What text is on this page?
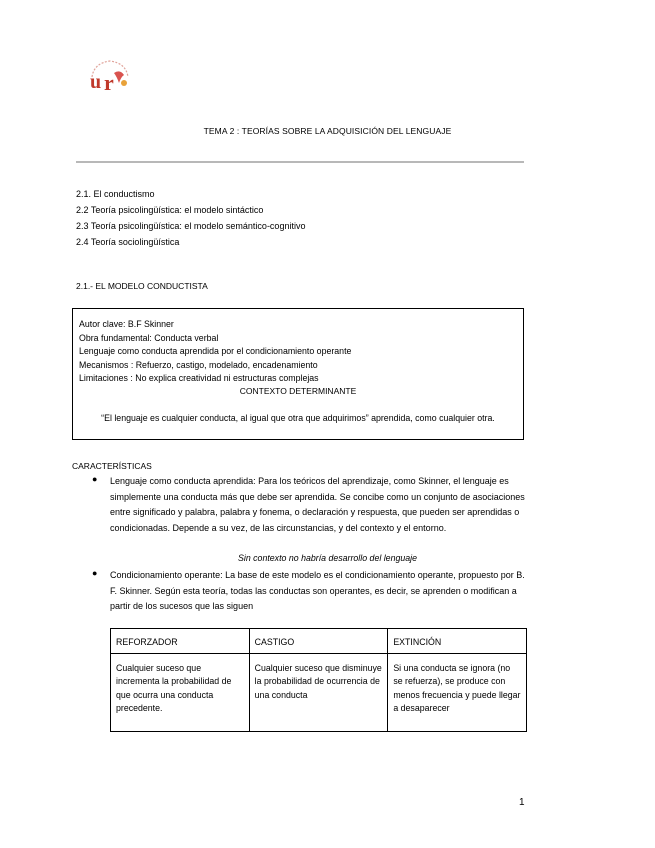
u r
TEMA 2 : TEORÍAS SOBRE LA ADQUISICIÓN DEL LENGUAJE
2.1. El conductismo
2.2 Teoría psicolingüística: el modelo sintáctico
2.3 Teoría psicolingüística: el modelo semántico-cognitivo
2.4 Teoría sociolingüística
2.1.- EL MODELO CONDUCTISTA
Autor clave: B.F Skinner
Obra fundamental: Conducta verbal
Lenguaje como conducta aprendida por el condicionamiento operante
Mecanismos : Refuerzo, castigo, modelado, encadenamiento
Limitaciones : No explica creatividad ni estructuras complejas
CONTEXTO DETERMINANTE
“El lenguaje es cualquier conducta, al igual que otra que adquirimos” aprendida, como cualquier otra.
CARACTERÍSTICAS
● Lenguaje como conducta aprendida: Para los teóricos del aprendizaje, como Skinner, el lenguaje es simplemente una conducta más que debe ser aprendida. Se concibe como un conjunto de asociaciones entre significado y palabra, palabra y fonema, o declaración y respuesta, que pueden ser aprendidas o condicionadas. Depende a su vez, de las circunstancias, y del contexto y el entorno.
Sin contexto no habría desarrollo del lenguaje
● Condicionamiento operante: La base de este modelo es el condicionamiento operante, propuesto por B. F. Skinner. Según esta teoría, todas las conductas son operantes, es decir, se aprenden o modifican a partir de los sucesos que las siguen
REFORZADOR	CASTIGO	EXTINCIÓN

Cualquier suceso que incrementa la probabilidad de que ocurra una conducta precedente.	Cualquier suceso que disminuye la probabilidad de ocurrencia de una conducta	Si una conducta se ignora (no se refuerza), se produce con menos frecuencia y puede llegar a desaparecer
1
